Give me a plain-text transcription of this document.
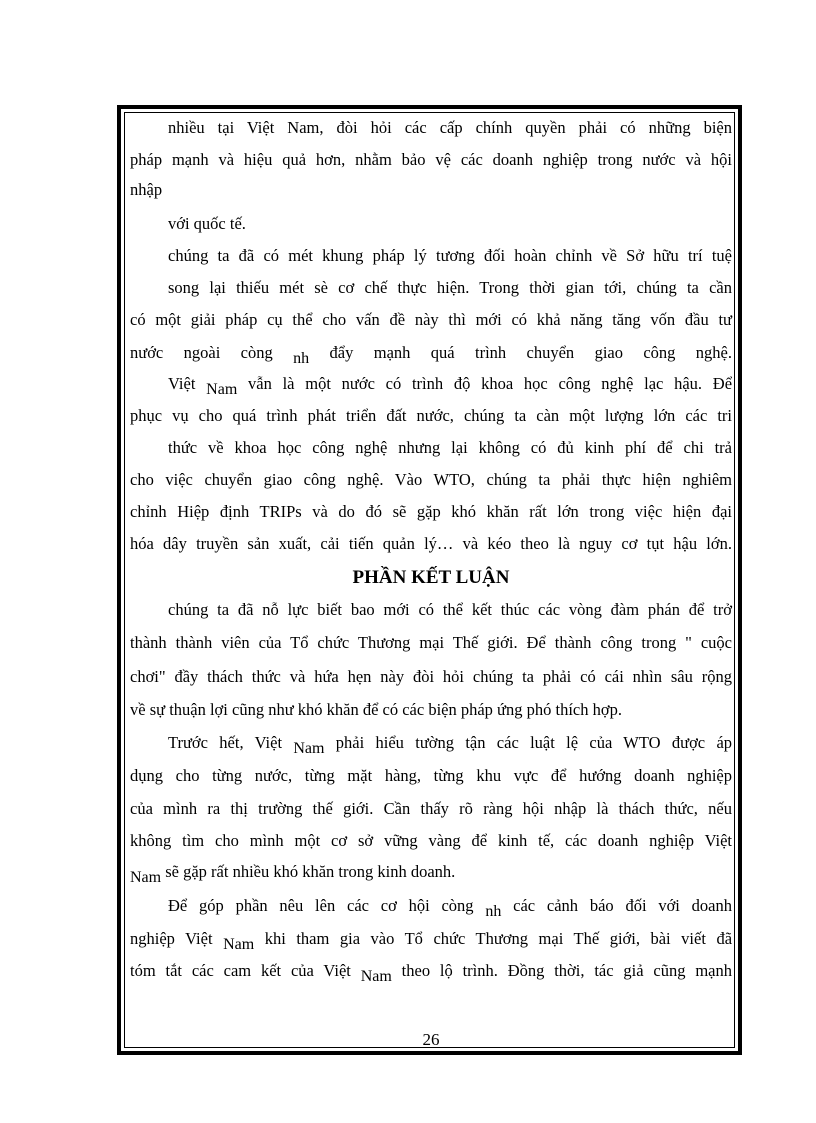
nhiều tại Việt Nam, đòi hỏi các cấp chính quyền phải có những biện
pháp mạnh và hiệu quả hơn, nhằm bảo vệ các doanh nghiệp trong nước và hội
nhập
với quốc tế.
chúng ta đã có mét khung pháp lý tương đối hoàn chỉnh về Sở hữu trí tuệ
song lại thiếu mét sè cơ chế thực hiện. Trong thời gian tới, chúng ta cần
có một giải pháp cụ thể cho vấn đề này thì mới có khả năng tăng vốn đầu tư
nước ngoài còng nh đẩy mạnh quá trình chuyển giao công nghệ.
Việt Nam vẫn là một nước có trình độ khoa học công nghệ lạc hậu. Để
phục vụ cho quá trình phát triển đất nước, chúng ta càn một lượng lớn các tri
thức về khoa học công nghệ nhưng lại không có đủ kinh phí để chi trả
cho việc chuyển giao công nghệ. Vào WTO, chúng ta phải thực hiện nghiêm
chỉnh Hiệp định TRIPs và do đó sẽ gặp khó khăn rất lớn trong việc hiện đại
hóa dây truyền sản xuất, cải tiến quản lý… và kéo theo là nguy cơ tụt hậu lớn.
PHẦN KẾT LUẬN
chúng ta đã nỗ lực biết bao mới có thể kết thúc các vòng đàm phán để trở
thành thành viên của Tổ chức Thương mại Thế giới. Để thành công trong " cuộc
chơi" đầy thách thức và hứa hẹn này đòi hỏi chúng ta phải có cái nhìn sâu rộng
về sự thuận lợi cũng như khó khăn để có các biện pháp ứng phó thích hợp.
Trước hết, Việt Nam phải hiểu tường tận các luật lệ của WTO được áp
dụng cho từng nước, từng mặt hàng, từng khu vực để hướng doanh nghiệp
của mình ra thị trường thế giới. Cần thấy rõ ràng hội nhập là thách thức, nếu
không tìm cho mình một cơ sở vững vàng để kinh tế, các doanh nghiệp Việt
Nam sẽ gặp rất nhiều khó khăn trong kinh doanh.
Để góp phần nêu lên các cơ hội còng nh các cảnh báo đối với doanh
nghiệp Việt Nam khi tham gia vào Tổ chức Thương mại Thế giới, bài viết đã
tóm tắt các cam kết của Việt Nam theo lộ trình. Đồng thời, tác giả cũng mạnh
26
